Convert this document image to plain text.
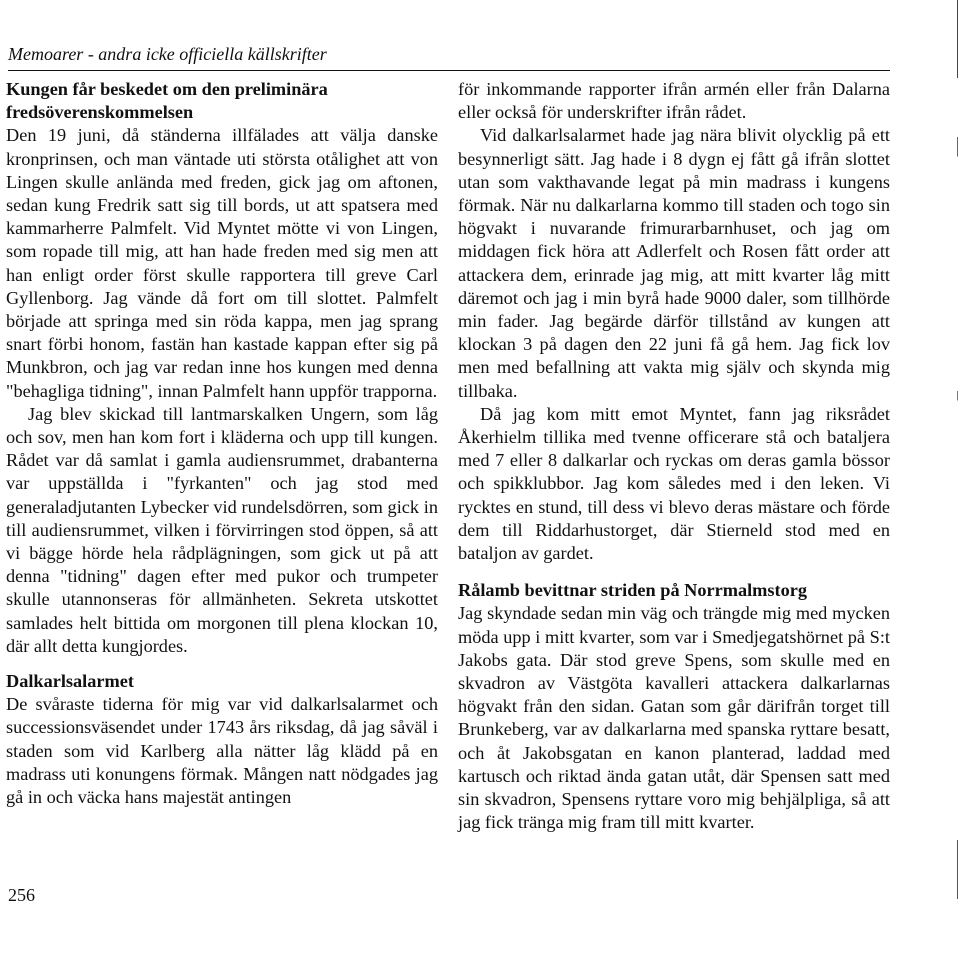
Memoarer - andra icke officiella källskrifter
Kungen får beskedet om den preliminära fredsöverenskommelsen

Den 19 juni, då ständerna illfälades att välja danske kronprinsen, och man väntade uti största otålighet att von Lingen skulle anlända med freden, gick jag om aftonen, sedan kung Fredrik satt sig till bords, ut att spatsera med kammarherre Palmfelt. Vid Myntet mötte vi von Lingen, som ropade till mig, att han hade freden med sig men att han enligt order först skulle rapportera till greve Carl Gyllenborg. Jag vände då fort om till slottet. Palmfelt började att springa med sin röda kappa, men jag sprang snart förbi honom, fastän han kastade kappan efter sig på Munkbron, och jag var redan inne hos kungen med denna "behagliga tidning", innan Palmfelt hann uppför trapporna.

Jag blev skickad till lantmarskalken Ungern, som låg och sov, men han kom fort i kläderna och upp till kungen. Rådet var då samlat i gamla audiensrummet, drabanterna var uppställda i "fyrkanten" och jag stod med generaladjutanten Lybecker vid rundelsdörren, som gick in till audiensrummet, vilken i förvirringen stod öppen, så att vi bägge hörde hela rådplägningen, som gick ut på att denna "tidning" dagen efter med pukor och trumpeter skulle utannonseras för allmänheten. Sekreta utskottet samlades helt bittida om morgonen till plena klockan 10, där allt detta kungjordes.

Dalkarlsalarmet

De svåraste tiderna för mig var vid dalkarlsalarmet och successionsväsendet under 1743 års riksdag, då jag såväl i staden som vid Karlberg alla nätter låg klädd på en madrass uti konungens förmak. Mången natt nödgades jag gå in och väcka hans majestät antingen

för inkommande rapporter ifrån armén eller från Dalarna eller också för underskrifter ifrån rådet.

Vid dalkarlsalarmet hade jag nära blivit olycklig på ett besynnerligt sätt. Jag hade i 8 dygn ej fått gå ifrån slottet utan som vakthavande legat på min madrass i kungens förmak. När nu dalkarlarna kommo till staden och togo sin högvakt i nuvarande frimurarbarnhuset, och jag om middagen fick höra att Adlerfelt och Rosen fått order att attackera dem, erinrade jag mig, att mitt kvarter låg mitt däremot och jag i min byrå hade 9000 daler, som tillhörde min fader. Jag begärde därför tillstånd av kungen att klockan 3 på dagen den 22 juni få gå hem. Jag fick lov men med befallning att vakta mig själv och skynda mig tillbaka.

Då jag kom mitt emot Myntet, fann jag riksrådet Åkerhielm tillika med tvenne officerare stå och bataljera med 7 eller 8 dalkarlar och ryckas om deras gamla bössor och spikklubbor. Jag kom således med i den leken. Vi rycktes en stund, till dess vi blevo deras mästare och förde dem till Riddarhustorget, där Stierneld stod med en bataljon av gardet.

Rålamb bevittnar striden på Norrmalmstorg

Jag skyndade sedan min väg och trängde mig med mycken möda upp i mitt kvarter, som var i Smedjegatshörnet på S:t Jakobs gata. Där stod greve Spens, som skulle med en skvadron av Västgöta kavalleri attackera dalkarlarnas högvakt från den sidan. Gatan som går därifrån torget till Brunkeberg, var av dalkarlarna med spanska ryttare besatt, och åt Jakobsgatan en kanon planterad, laddad med kartusch och riktad ända gatan utåt, där Spensen satt med sin skvadron, Spensens ryttare voro mig behjälpliga, så att jag fick tränga mig fram till mitt kvarter.

256
